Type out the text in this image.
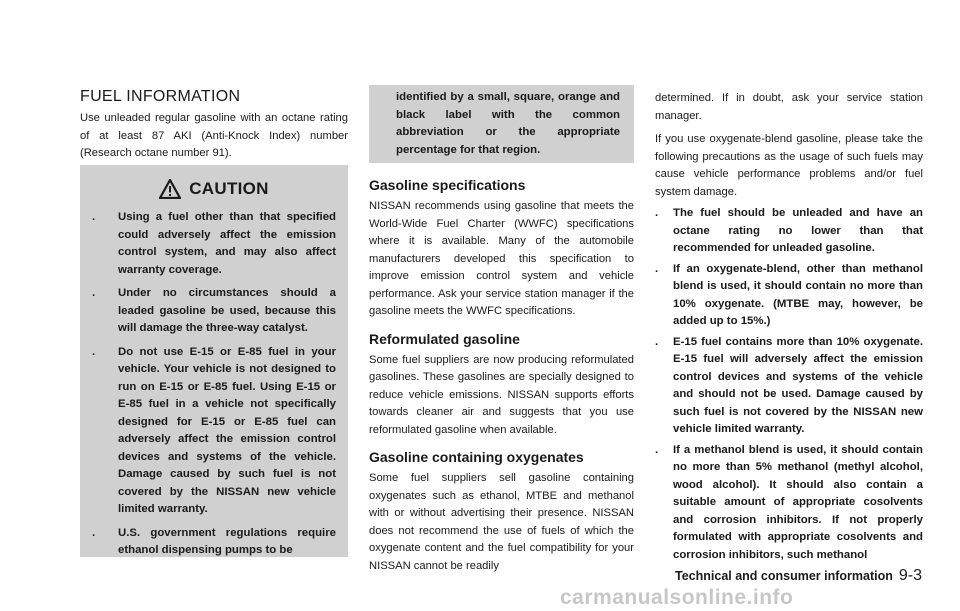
FUEL INFORMATION

Use unleaded regular gasoline with an octane rating of at least 87 AKI (Anti-Knock Index) number (Research octane number 91).

CAUTION
. Using a fuel other than that specified could adversely affect the emission control system, and may also affect warranty coverage.
. Under no circumstances should a leaded gasoline be used, because this will damage the three-way catalyst.
. Do not use E-15 or E-85 fuel in your vehicle. Your vehicle is not designed to run on E-15 or E-85 fuel. Using E-15 or E-85 fuel in a vehicle not specifically designed for E-15 or E-85 fuel can adversely affect the emission control devices and systems of the vehicle. Damage caused by such fuel is not covered by the NISSAN new vehicle limited warranty.
. U.S. government regulations require ethanol dispensing pumps to be
identified by a small, square, orange and black label with the common abbreviation or the appropriate percentage for that region.
Gasoline specifications

NISSAN recommends using gasoline that meets the World-Wide Fuel Charter (WWFC) specifications where it is available. Many of the automobile manufacturers developed this specification to improve emission control system and vehicle performance. Ask your service station manager if the gasoline meets the WWFC specifications.

Reformulated gasoline

Some fuel suppliers are now producing reformulated gasolines. These gasolines are specially designed to reduce vehicle emissions. NISSAN supports efforts towards cleaner air and suggests that you use reformulated gasoline when available.

Gasoline containing oxygenates

Some fuel suppliers sell gasoline containing oxygenates such as ethanol, MTBE and methanol with or without advertising their presence. NISSAN does not recommend the use of fuels of which the oxygenate content and the fuel compatibility for your NISSAN cannot be readily

determined. If in doubt, ask your service station manager.

If you use oxygenate-blend gasoline, please take the following precautions as the usage of such fuels may cause vehicle performance problems and/or fuel system damage.

. The fuel should be unleaded and have an octane rating no lower than that recommended for unleaded gasoline.
. If an oxygenate-blend, other than methanol blend is used, it should contain no more than 10% oxygenate. (MTBE may, however, be added up to 15%.)
. E-15 fuel contains more than 10% oxygenate. E-15 fuel will adversely affect the emission control devices and systems of the vehicle and should not be used. Damage caused by such fuel is not covered by the NISSAN new vehicle limited warranty.
. If a methanol blend is used, it should contain no more than 5% methanol (methyl alcohol, wood alcohol). It should also contain a suitable amount of appropriate cosolvents and corrosion inhibitors. If not properly formulated with appropriate cosolvents and corrosion inhibitors, such methanol
Technical and consumer information 9-3
carmanualsonline.info
